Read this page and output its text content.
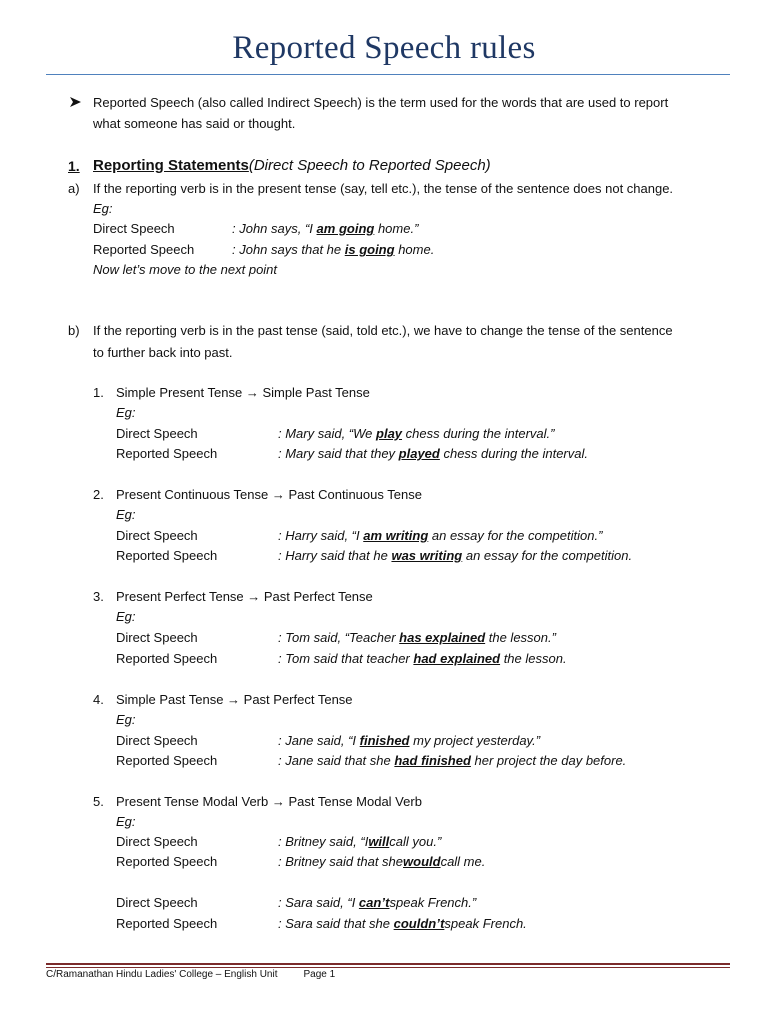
Reported Speech rules
Reported Speech (also called Indirect Speech) is the term used for the words that are used to report
what someone has said or thought.
1. Reporting Statements(Direct Speech to Reported Speech)
a) If the reporting verb is in the present tense (say, tell etc.), the tense of the sentence does not change.
Eg:
Direct Speech	: John says, “I am going home.”
Reported Speech	: John says that he is going home.
Now let’s move to the next point
b) If the reporting verb is in the past tense (said, told etc.), we have to change the tense of the sentence
to further back into past.
1. Simple Present Tense → Simple Past Tense
Eg:
Direct Speech	: Mary said, “We play chess during the interval.”
Reported Speech	: Mary said that they played chess during the interval.
2. Present Continuous Tense → Past Continuous Tense
Eg:
Direct Speech	: Harry said, “I am writing an essay for the competition.”
Reported Speech	: Harry said that he was writing an essay for the competition.
3. Present Perfect Tense → Past Perfect Tense
Eg:
Direct Speech	: Tom said, “Teacher has explained the lesson.”
Reported Speech	: Tom said that teacher had explained the lesson.
4. Simple Past Tense → Past Perfect Tense
Eg:
Direct Speech	: Jane said, “I finished my project yesterday.”
Reported Speech	: Jane said that she had finished her project the day before.
5. Present Tense Modal Verb → Past Tense Modal Verb
Eg:
Direct Speech	: Britney said, “Iwillcall you.”
Reported Speech	: Britney said that shewouldcall me.
Direct Speech	: Sara said, “I can’tspeak French.”
Reported Speech	: Sara said that she couldn’tspeak French.
C/Ramanathan Hindu Ladies' College – English Unit	Page 1
